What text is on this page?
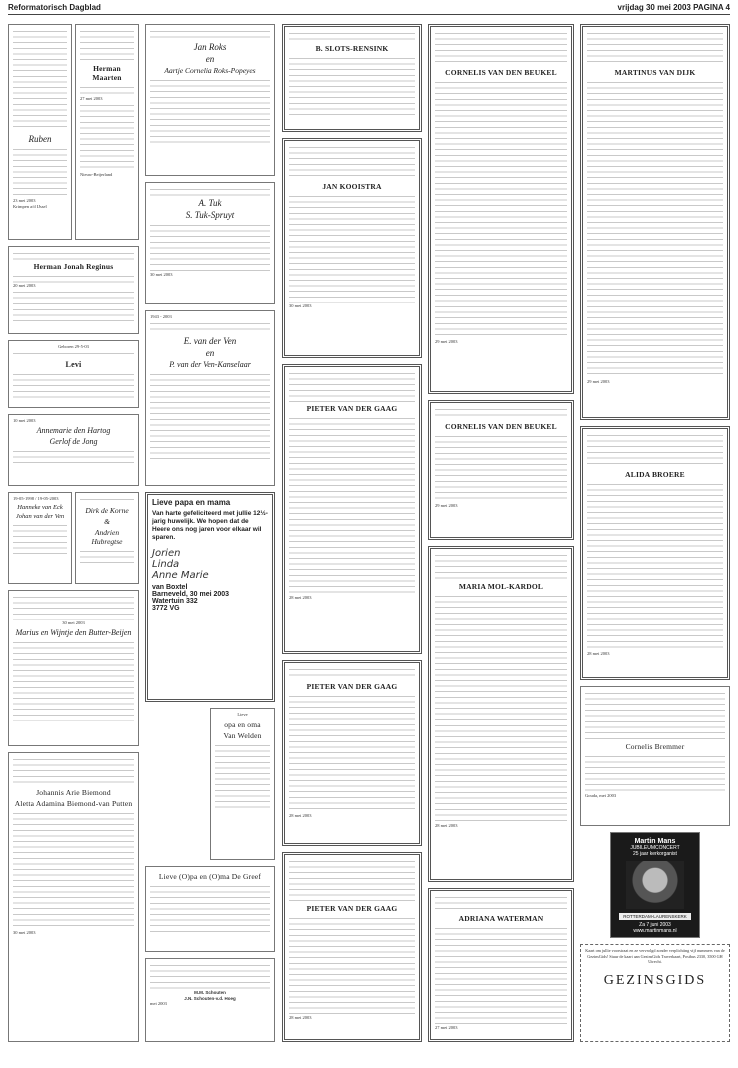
Reformatorisch Dagblad	vrijdag 30 mei 2003 PAGINA 4
Ruben
23 mei 2003
Krimpen a/d IJssel
Herman Maarten
27 mei 2003
Nieuw-Beijerland
Herman Jonah Reginus
20 mei 2003
Geboren 29-5-03
Levi
10 mei 2003
Annemarie den Hartog
Gerlof de Jong
19-05-1998 / 19-05-2003
Hanneke van Eck
Johan van der Ven
Dirk de Korne
&
Andrien Hubregtse
30 mei 2003
Marius en Wijntje den Butter-Beijen
Johannis Arie Biemond
Aletta Adamina Biemond-van Putten
30 mei 2003
Jan Roks
en
Aartje Cornelia Roks-Popeyes
A. Tuk
S. Tuk-Spruyt
30 mei 2003
1943 - 2003
E. van der Ven
en
P. van der Ven-Kanselaar
Lieve papa en mama
Van harte gefeliciteerd met jullie 12½-jarig huwelijk. We hopen dat de Heere ons nog jaren voor elkaar wil sparen.
Jorien
Linda
Anne Marie
van Boxtel
Barneveld, 30 mei 2003
Watertuin 332
3772 VG
Lieve
opa en oma
Van Welden
Lieve (O)pa en (O)ma De Greef
M.M. Schouten
J.N. Schouten-v.d. Hoeg
mei 2003
B. SLOTS-RENSINK
JAN KOOISTRA
30 mei 2003
PIETER VAN DER GAAG
28 mei 2003
PIETER VAN DER GAAG
28 mei 2003
PIETER VAN DER GAAG
28 mei 2003
CORNELIS VAN DEN BEUKEL
29 mei 2003
CORNELIS VAN DEN BEUKEL
29 mei 2003
MARIA MOL-KARDOL
28 mei 2003
ADRIANA WATERMAN
27 mei 2003
MARTINUS VAN DIJK
29 mei 2003
ALIDA BROERE
28 mei 2003
Cornelis Bremmer
Gouda, mei 2003
Martin Mans
JUBILEUMCONCERT
25 jaar kerkorganist
ROTTERDAM-LAURENSKERK
Za 7 juni 2003
www.martinmans.nl
Kaart om jullie voorstraat en ze vervrolgd zonder verplichting vijf nummers van de GezinsGids! Stuur de kaart aan GezinsGids Traverkaart, Postbus 2330, 3500 GH Utrecht.
GEZINSGIDS
